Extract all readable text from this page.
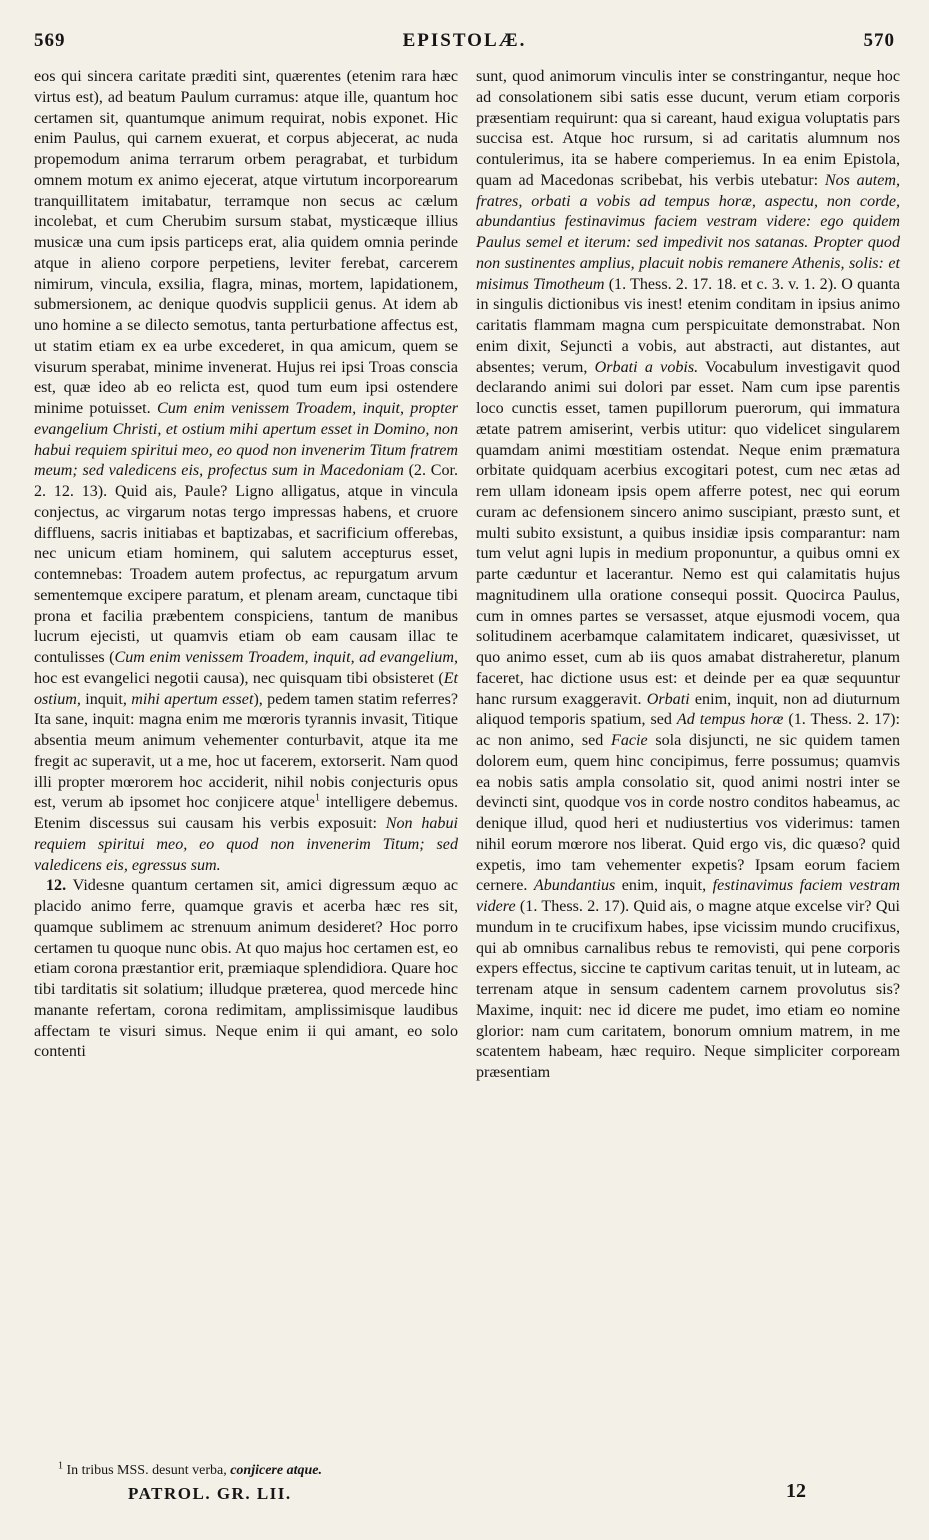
569	EPISTOLÆ.	570

eos qui sincera caritate præditi sint, quærentes (etenim rara hæc virtus est), ad beatum Paulum curramus: atque ille, quantum hoc certamen sit, quantumque animum requirat, nobis exponet. Hic enim Paulus, qui carnem exuerat, et corpus abjecerat, ac nuda propemodum anima terrarum orbem peragrabat, et turbidum omnem motum ex animo ejecerat, atque virtutum incorporearum tranquillitatem imitabatur, terramque non secus ac cælum incolebat, et cum Cherubim sursum stabat, mysticæque illius musicæ una cum ipsis particeps erat, alia quidem omnia perinde atque in alieno corpore perpetiens, leviter ferebat, carcerem nimirum, vincula, exsilia, flagra, minas, mortem, lapidationem, submersionem, ac denique quodvis supplicii genus. At idem ab uno homine a se dilecto semotus, tanta perturbatione affectus est, ut statim etiam ex ea urbe excederet, in qua amicum, quem se visurum sperabat, minime invenerat. Hujus rei ipsi Troas conscia est, quæ ideo ab eo relicta est, quod tum eum ipsi ostendere minime potuisset. Cum enim venissem Troadem, inquit, propter evangelium Christi, et ostium mihi apertum esset in Domino, non habui requiem spiritui meo, eo quod non invenerim Titum fratrem meum; sed valedicens eis, profectus sum in Macedoniam (2. Cor. 2. 12. 13). Quid ais, Paule? Ligno alligatus, atque in vincula conjectus, ac virgarum notas tergo impressas habens, et cruore diffluens, sacris initiabas et baptizabas, et sacrificium offerebas, nec unicum etiam hominem, qui salutem accepturus esset, contemnebas: Troadem autem profectus, ac repurgatum arvum sementemque excipere paratum, et plenam aream, cunctaque tibi prona et facilia præbentem conspiciens, tantum de manibus lucrum ejecisti, ut quamvis etiam ob eam causam illac te contulisses (Cum enim venissem Troadem, inquit, ad evangelium, hoc est evangelici negotii causa), nec quisquam tibi obsisteret (Et ostium, inquit, mihi apertum esset), pedem tamen statim referres? Ita sane, inquit: magna enim me mœroris tyrannis invasit, Titique absentia meum animum vehementer conturbavit, atque ita me fregit ac superavit, ut a me, hoc ut facerem, extorserit. Nam quod illi propter mœrorem hoc acciderit, nihil nobis conjecturis opus est, verum ab ipsomet hoc conjicere atque$^1$ intelligere debemus. Etenim discessus sui causam his verbis exposuit: Non habui requiem spiritui meo, eo quod non invenerim Titum; sed valedicens eis, egressus sum.

12. Videsne quantum certamen sit, amici digressum æquo ac placido animo ferre, quamque gravis et acerba hæc res sit, quamque sublimem ac strenuum animum desideret? Hoc porro certamen tu quoque nunc obis. At quo majus hoc certamen est, eo etiam corona præstantior erit, præmiaque splendidiora. Quare hoc tibi tarditatis sit solatium; illudque præterea, quod mercede hinc manante refertam, corona redimitam, amplissimisque laudibus affectam te visuri simus. Neque enim ii qui amant, eo solo contenti

sunt, quod animorum vinculis inter se constringantur, neque hoc ad consolationem sibi satis esse ducunt, verum etiam corporis præsentiam requirunt: qua si careant, haud exigua voluptatis pars succisa est. Atque hoc rursum, si ad caritatis alumnum nos contulerimus, ita se habere comperiemus. In ea enim Epistola, quam ad Macedonas scribebat, his verbis utebatur: Nos autem, fratres, orbati a vobis ad tempus horæ, aspectu, non corde, abundantius festinavimus faciem vestram videre: ego quidem Paulus semel et iterum: sed impedivit nos satanas. Propter quod non sustinentes amplius, placuit nobis remanere Athenis, solis: et misimus Timotheum (1. Thess. 2. 17. 18. et c. 3. v. 1. 2). O quanta in singulis dictionibus vis inest! etenim conditam in ipsius animo caritatis flammam magna cum perspicuitate demonstrabat. Non enim dixit, Sejuncti a vobis, aut abstracti, aut distantes, aut absentes; verum, Orbati a vobis. Vocabulum investigavit quod declarando animi sui dolori par esset. Nam cum ipse parentis loco cunctis esset, tamen pupillorum puerorum, qui immatura ætate patrem amiserint, verbis utitur: quo videlicet singularem quamdam animi mœstitiam ostendat. Neque enim præmatura orbitate quidquam acerbius excogitari potest, cum nec ætas ad rem ullam idoneam ipsis opem afferre potest, nec qui eorum curam ac defensionem sincero animo suscipiant, præsto sunt, et multi subito exsistunt, a quibus insidiæ ipsis comparantur: nam tum velut agni lupis in medium proponuntur, a quibus omni ex parte cæduntur et lacerantur. Nemo est qui calamitatis hujus magnitudinem ulla oratione consequi possit. Quocirca Paulus, cum in omnes partes se versasset, atque ejusmodi vocem, qua solitudinem acerbamque calamitatem indicaret, quæsivisset, ut quo animo esset, cum ab iis quos amabat distraheretur, planum faceret, hac dictione usus est: et deinde per ea quæ sequuntur hanc rursum exaggeravit. Orbati enim, inquit, non ad diuturnum aliquod temporis spatium, sed Ad tempus horæ (1. Thess. 2. 17): ac non animo, sed Facie sola disjuncti, ne sic quidem tamen dolorem eum, quem hinc concipimus, ferre possumus; quamvis ea nobis satis ampla consolatio sit, quod animi nostri inter se devincti sint, quodque vos in corde nostro conditos habeamus, ac denique illud, quod heri et nudiustertius vos viderimus: tamen nihil eorum mœrore nos liberat. Quid ergo vis, dic quæso? quid expetis, imo tam vehementer expetis? Ipsam eorum faciem cernere. Abundantius enim, inquit, festinavimus faciem vestram videre (1. Thess. 2. 17). Quid ais, o magne atque excelse vir? Qui mundum in te crucifixum habes, ipse vicissim mundo crucifixus, qui ab omnibus carnalibus rebus te removisti, qui pene corporis expers effectus, siccine te captivum caritas tenuit, ut in luteam, ac terrenam atque in sensum cadentem carnem provolutus sis? Maxime, inquit: nec id dicere me pudet, imo etiam eo nomine glorior: nam cum caritatem, bonorum omnium matrem, in me scatentem habeam, hæc requiro. Neque simpliciter corpoream præsentiam

$^1$ In tribus MSS. desunt verba, conjicere atque.
PATROL. GR. LII.	12
